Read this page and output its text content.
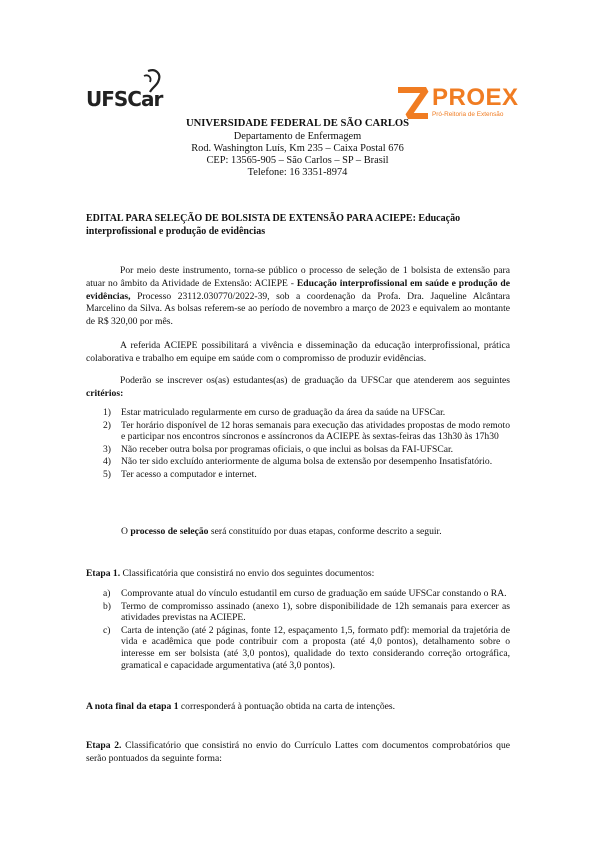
UFSCar	PROEX
Pró-Reitoria de Extensão
UNIVERSIDADE FEDERAL DE SÃO CARLOS
Departamento de Enfermagem
Rod. Washington Luís, Km 235 – Caixa Postal 676
CEP: 13565-905 – São Carlos – SP – Brasil
Telefone: 16 3351-8974
EDITAL PARA SELEÇÃO DE BOLSISTA DE EXTENSÃO PARA ACIEPE: Educação
interprofissional e produção de evidências
Por meio deste instrumento, torna-se público o processo de seleção de 1 bolsista de extensão para atuar no âmbito da Atividade de Extensão: ACIEPE - Educação interprofissional em saúde e produção de evidências, Processo 23112.030770/2022-39, sob a coordenação da Profa. Dra. Jaqueline Alcântara Marcelino da Silva. As bolsas referem-se ao período de novembro a março de 2023 e equivalem ao montante de R$ 320,00 por mês.
A referida ACIEPE possibilitará a vivência e disseminação da educação interprofissional, prática colaborativa e trabalho em equipe em saúde com o compromisso de produzir evidências.
Poderão se inscrever os(as) estudantes(as) de graduação da UFSCar que atenderem aos seguintes critérios:
1) Estar matriculado regularmente em curso de graduação da área da saúde na UFSCar.
2) Ter horário disponível de 12 horas semanais para execução das atividades propostas de modo remoto e participar nos encontros síncronos e assíncronos da ACIEPE às sextas-feiras das 13h30 às 17h30
3) Não receber outra bolsa por programas oficiais, o que inclui as bolsas da FAI-UFSCar.
4) Não ter sido excluído anteriormente de alguma bolsa de extensão por desempenho Insatisfatório.
5) Ter acesso a computador e internet.
O processo de seleção será constituído por duas etapas, conforme descrito a seguir.
Etapa 1. Classificatória que consistirá no envio dos seguintes documentos:
a) Comprovante atual do vínculo estudantil em curso de graduação em saúde UFSCar constando o RA.
b) Termo de compromisso assinado (anexo 1), sobre disponibilidade de 12h semanais para exercer as atividades previstas na ACIEPE.
c) Carta de intenção (até 2 páginas, fonte 12, espaçamento 1,5, formato pdf): memorial da trajetória de vida e acadêmica que pode contribuir com a proposta (até 4,0 pontos), detalhamento sobre o interesse em ser bolsista (até 3,0 pontos), qualidade do texto considerando correção ortográfica, gramatical e capacidade argumentativa (até 3,0 pontos).
A nota final da etapa 1 corresponderá à pontuação obtida na carta de intenções.
Etapa 2. Classificatório que consistirá no envio do Currículo Lattes com documentos comprobatórios que serão pontuados da seguinte forma:
